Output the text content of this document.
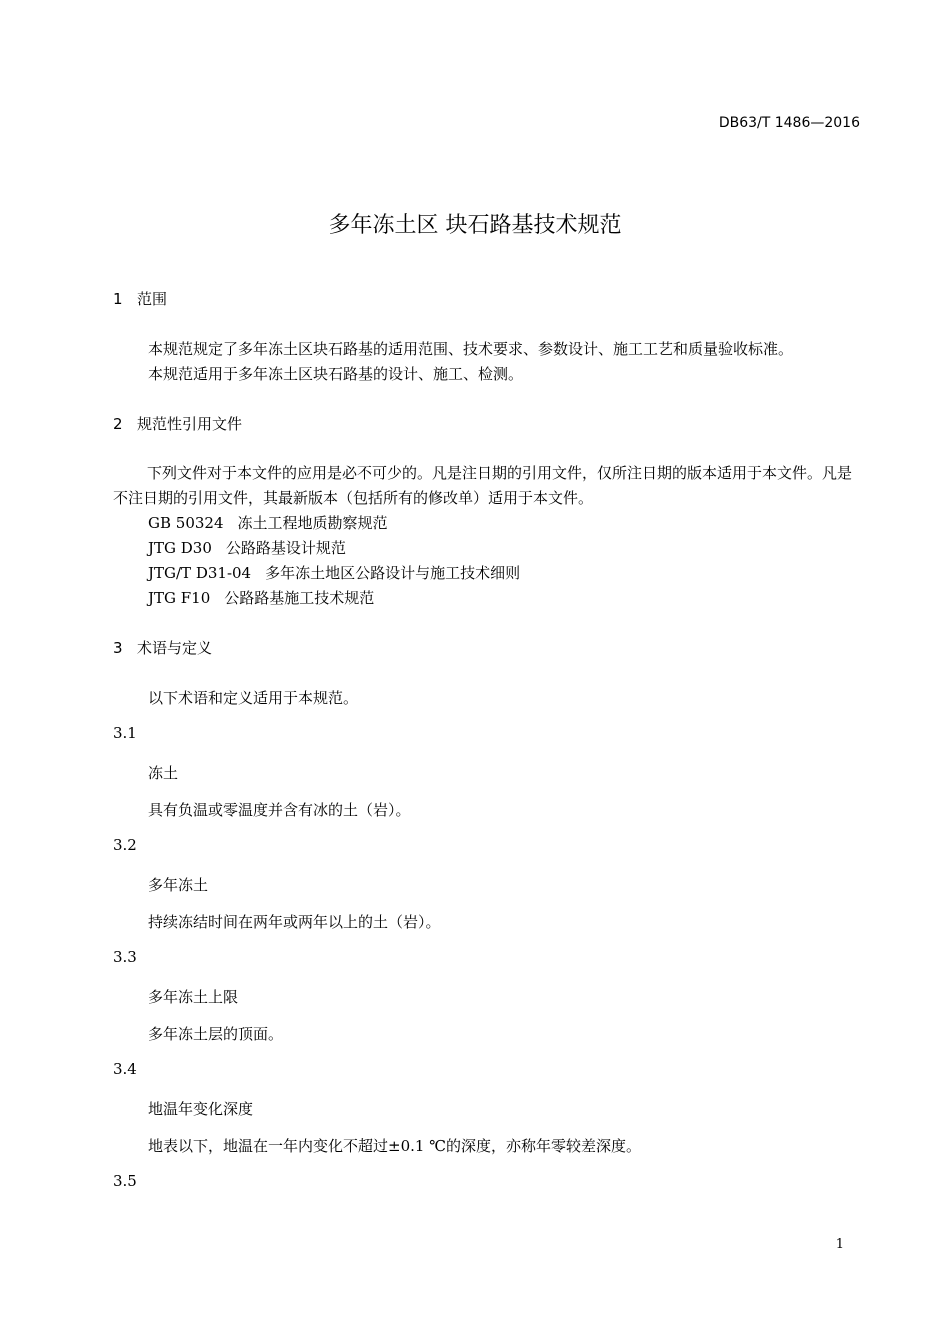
DB63/T 1486—2016
多年冻土区 块石路基技术规范
1 范围
本规范规定了多年冻土区块石路基的适用范围、技术要求、参数设计、施工工艺和质量验收标准。
本规范适用于多年冻土区块石路基的设计、施工、检测。
2 规范性引用文件
下列文件对于本文件的应用是必不可少的。凡是注日期的引用文件，仅所注日期的版本适用于本文件。凡是不注日期的引用文件，其最新版本（包括所有的修改单）适用于本文件。
GB 50324 冻土工程地质勘察规范
JTG D30 公路路基设计规范
JTG/T D31-04 多年冻土地区公路设计与施工技术细则
JTG F10 公路路基施工技术规范
3 术语与定义
以下术语和定义适用于本规范。
3.1
冻土
具有负温或零温度并含有冰的土（岩）。
3.2
多年冻土
持续冻结时间在两年或两年以上的土（岩）。
3.3
多年冻土上限
多年冻土层的顶面。
3.4
地温年变化深度
地表以下，地温在一年内变化不超过±0.1 ℃的深度，亦称年零较差深度。
3.5
1
